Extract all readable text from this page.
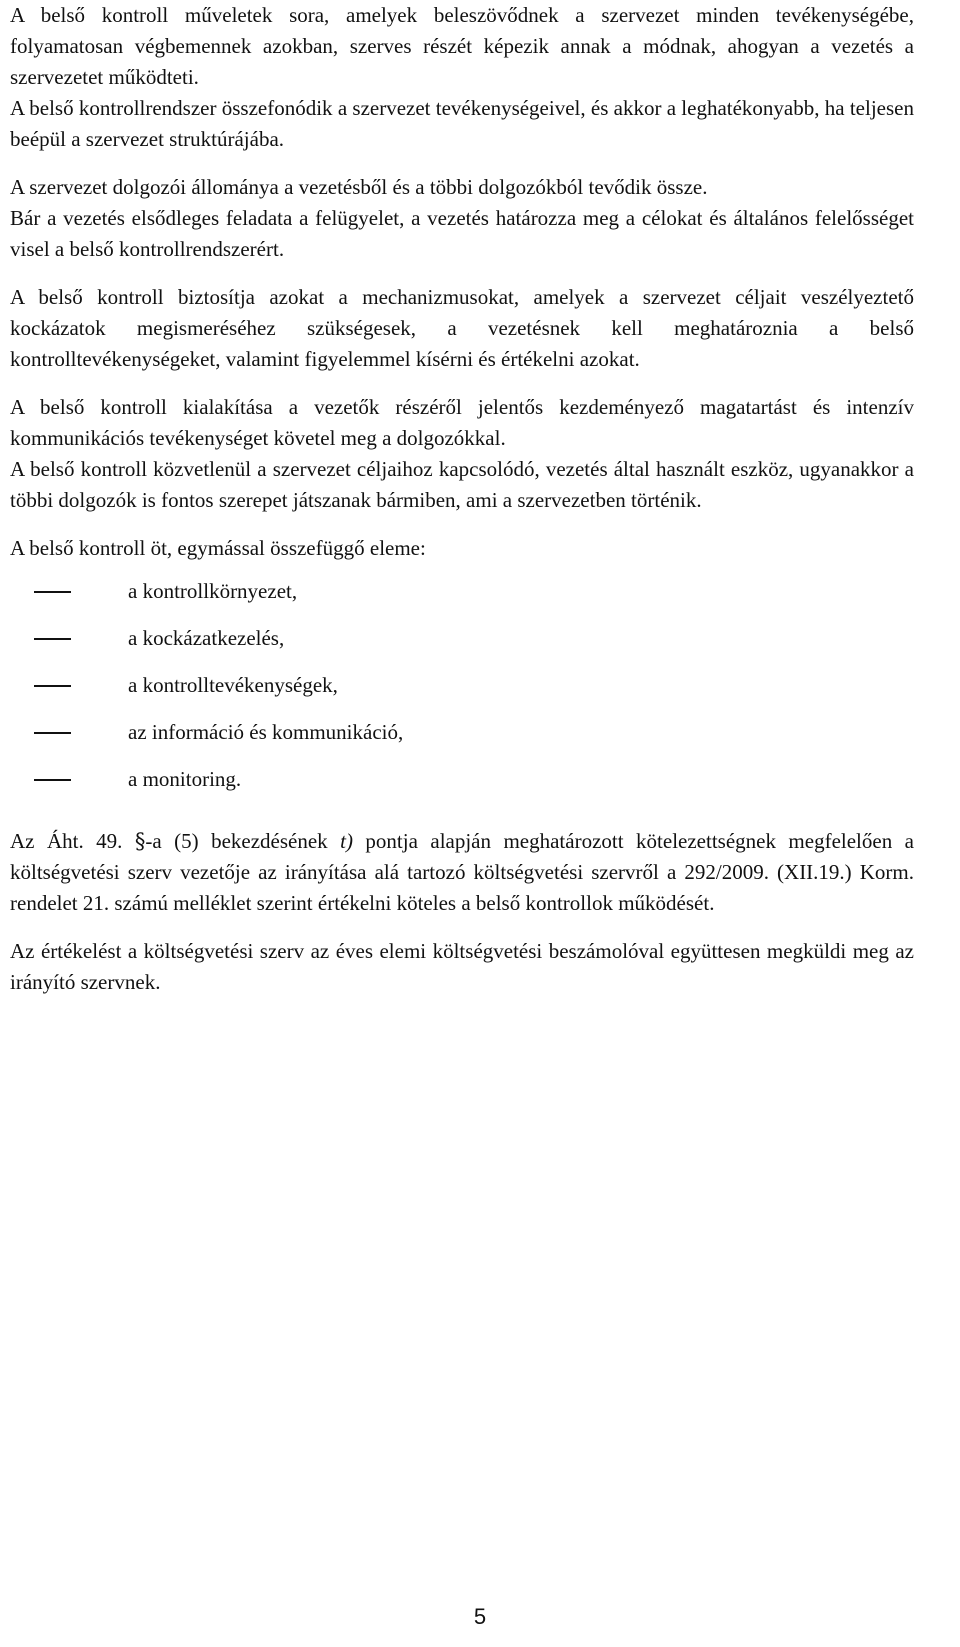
A belső kontroll műveletek sora, amelyek beleszövődnek a szervezet minden tevékenységébe, folyamatosan végbemennek azokban, szerves részét képezik annak a módnak, ahogyan a vezetés a szervezetet működteti.

A belső kontrollrendszer összefonódik a szervezet tevékenységeivel, és akkor a leghatékonyabb, ha teljesen beépül a szervezet struktúrájába.

A szervezet dolgozói állománya a vezetésből és a többi dolgozókból tevődik össze.

Bár a vezetés elsődleges feladata a felügyelet, a vezetés határozza meg a célokat és általános felelősséget visel a belső kontrollrendszerért.

A belső kontroll biztosítja azokat a mechanizmusokat, amelyek a szervezet céljait veszélyeztető kockázatok megismeréséhez szükségesek, a vezetésnek kell meghatároznia a belső kontrolltevékenységeket, valamint figyelemmel kísérni és értékelni azokat.

A belső kontroll kialakítása a vezetők részéről jelentős kezdeményező magatartást és intenzív kommunikációs tevékenységet követel meg a dolgozókkal.

A belső kontroll közvetlenül a szervezet céljaihoz kapcsolódó, vezetés által használt eszköz, ugyanakkor a többi dolgozók is fontos szerepet játszanak bármiben, ami a szervezetben történik.

A belső kontroll öt, egymással összefüggő eleme:

a kontrollkörnyezet,
a kockázatkezelés,
a kontrolltevékenységek,
az információ és kommunikáció,
a monitoring.

Az Áht. 49. §-a (5) bekezdésének t) pontja alapján meghatározott kötelezettségnek megfelelően a költségvetési szerv vezetője az irányítása alá tartozó költségvetési szervről a 292/2009. (XII.19.) Korm. rendelet 21. számú melléklet szerint értékelni köteles a belső kontrollok működését.

Az értékelést a költségvetési szerv az éves elemi költségvetési beszámolóval együttesen megküldi meg az irányító szervnek.

5
